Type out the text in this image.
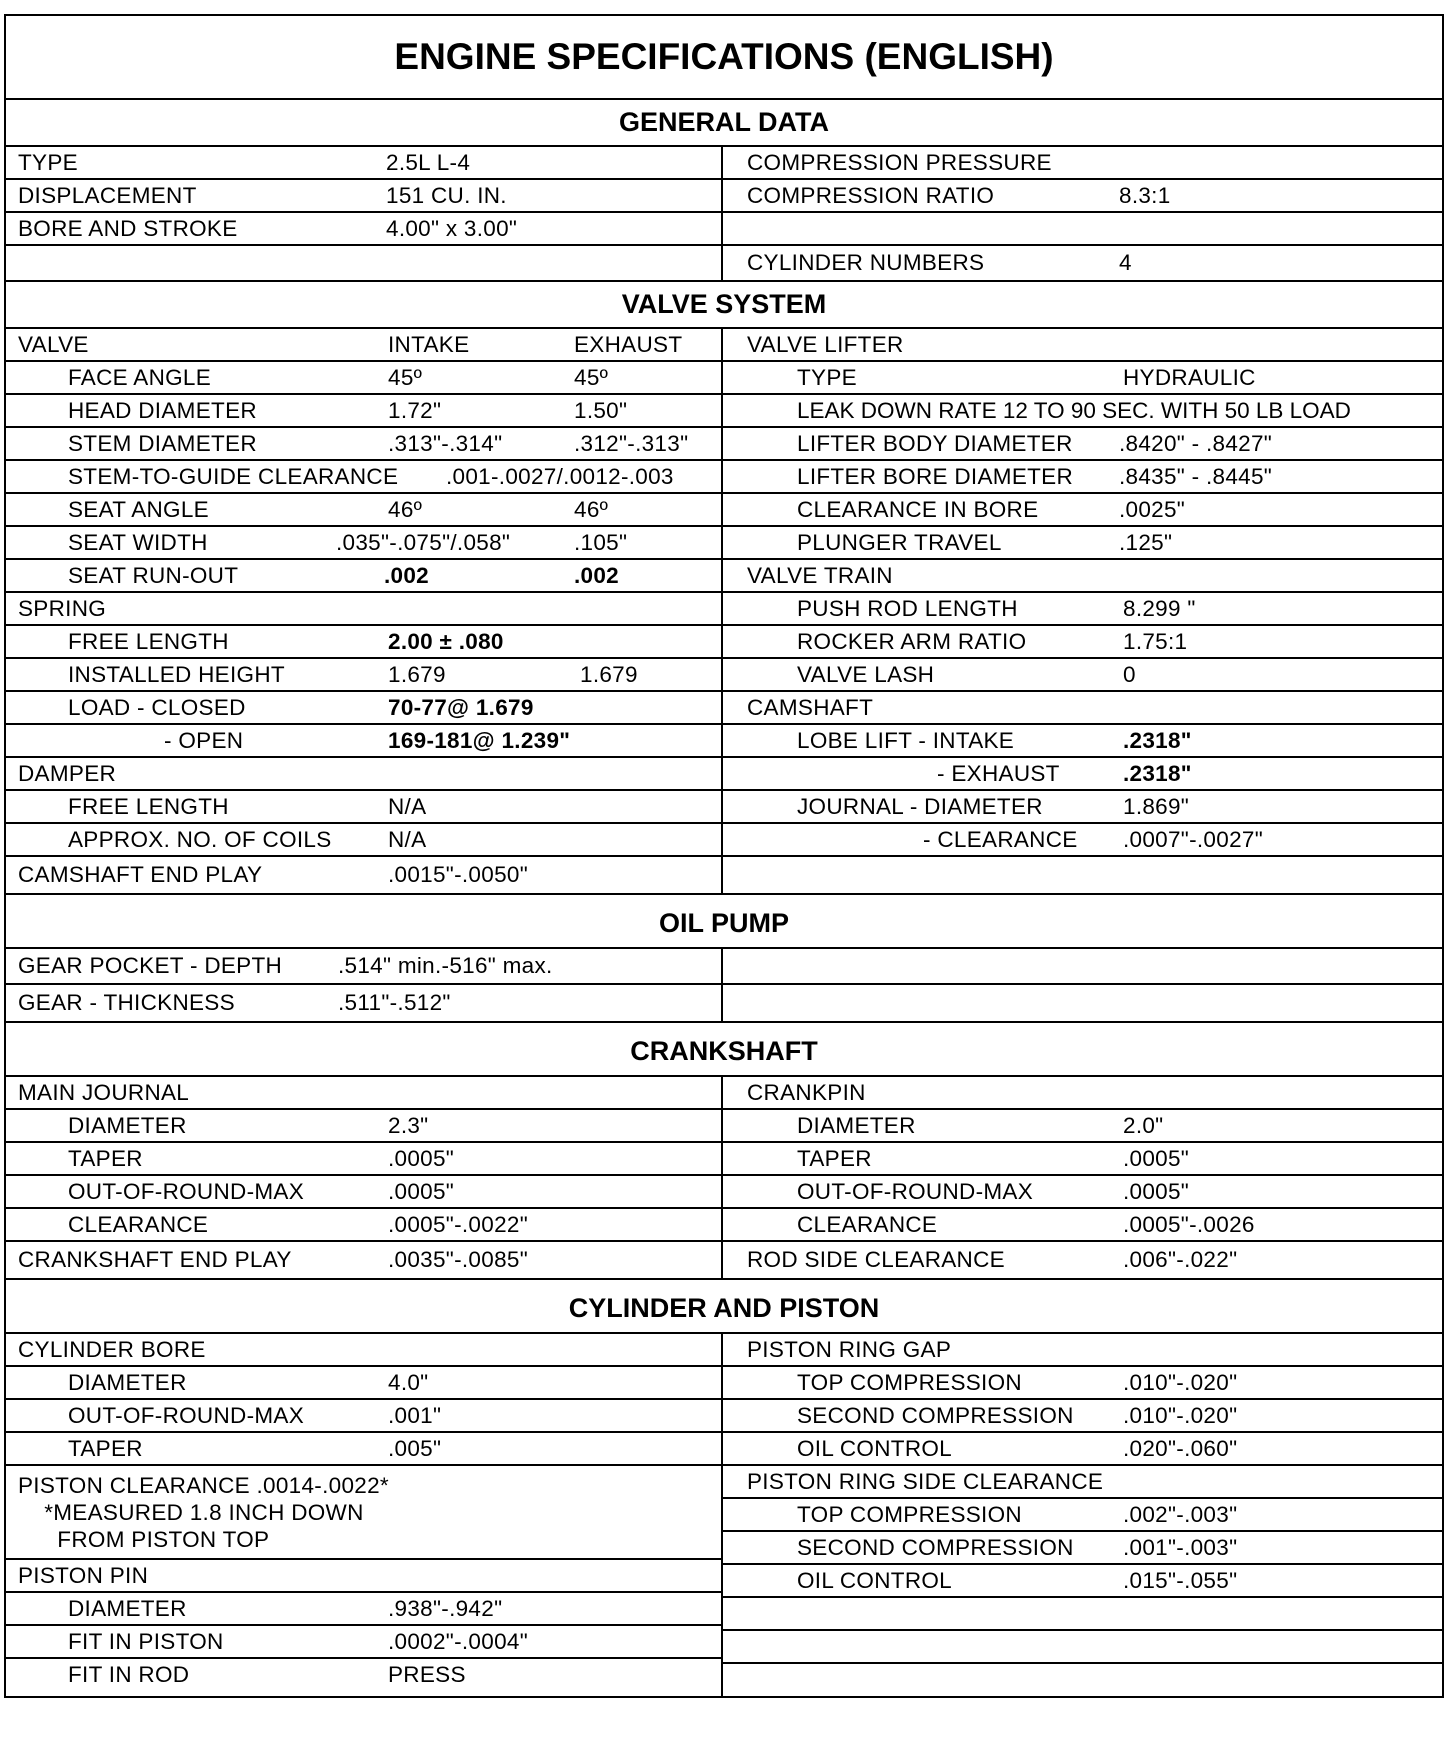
ENGINE SPECIFICATIONS (ENGLISH)
GENERAL DATA
TYPE	2.5L L-4
DISPLACEMENT	151 CU. IN.
BORE AND STROKE	4.00" x 3.00"
COMPRESSION PRESSURE
COMPRESSION RATIO	8.3:1
CYLINDER NUMBERS	4
VALVE SYSTEM
VALVE	INTAKE	EXHAUST
FACE ANGLE	45º	45º
HEAD DIAMETER	1.72"	1.50"
STEM DIAMETER	.313"-.314"	.312"-.313"
STEM-TO-GUIDE CLEARANCE .001-.0027/.0012-.003
SEAT ANGLE	46º	46º
SEAT WIDTH	.035"-.075"/.058"	.105"
SEAT RUN-OUT	.002	.002
SPRING
FREE LENGTH	2.00 ± .080
INSTALLED HEIGHT	1.679	1.679
LOAD - CLOSED	70-77@ 1.679
- OPEN	169-181@ 1.239"
DAMPER
FREE LENGTH	N/A
APPROX. NO. OF COILS	N/A
CAMSHAFT END PLAY	.0015"-.0050"
VALVE LIFTER
TYPE	HYDRAULIC
LEAK DOWN RATE 12 TO 90 SEC. WITH 50 LB LOAD
LIFTER BODY DIAMETER .8420" - .8427"
LIFTER BORE DIAMETER .8435" - .8445"
CLEARANCE IN BORE	.0025"
PLUNGER TRAVEL	.125"
VALVE TRAIN
PUSH ROD LENGTH	8.299 "
ROCKER ARM RATIO	1.75:1
VALVE LASH	0
CAMSHAFT
LOBE LIFT - INTAKE	.2318"
- EXHAUST	.2318"
JOURNAL - DIAMETER	1.869"
- CLEARANCE .0007"-.0027"
OIL PUMP
GEAR POCKET - DEPTH .514" min.-516" max.
GEAR - THICKNESS	.511"-.512"
CRANKSHAFT
MAIN JOURNAL
DIAMETER	2.3"
TAPER	.0005"
OUT-OF-ROUND-MAX	.0005"
CLEARANCE	.0005"-.0022"
CRANKSHAFT END PLAY	.0035"-.0085"
CRANKPIN
DIAMETER	2.0"
TAPER	.0005"
OUT-OF-ROUND-MAX	.0005"
CLEARANCE	.0005"-.0026
ROD SIDE CLEARANCE	.006"-.022"
CYLINDER AND PISTON
CYLINDER BORE
DIAMETER	4.0"
OUT-OF-ROUND-MAX	.001"
TAPER	.005"
PISTON CLEARANCE .0014-.0022*
*MEASURED 1.8 INCH DOWN
FROM PISTON TOP
PISTON PIN
DIAMETER	.938"-.942"
FIT IN PISTON	.0002"-.0004"
FIT IN ROD	PRESS
PISTON RING GAP
TOP COMPRESSION	.010"-.020"
SECOND COMPRESSION .010"-.020"
OIL CONTROL	.020"-.060"
PISTON RING SIDE CLEARANCE
TOP COMPRESSION	.002"-.003"
SECOND COMPRESSION .001"-.003"
OIL CONTROL	.015"-.055"
